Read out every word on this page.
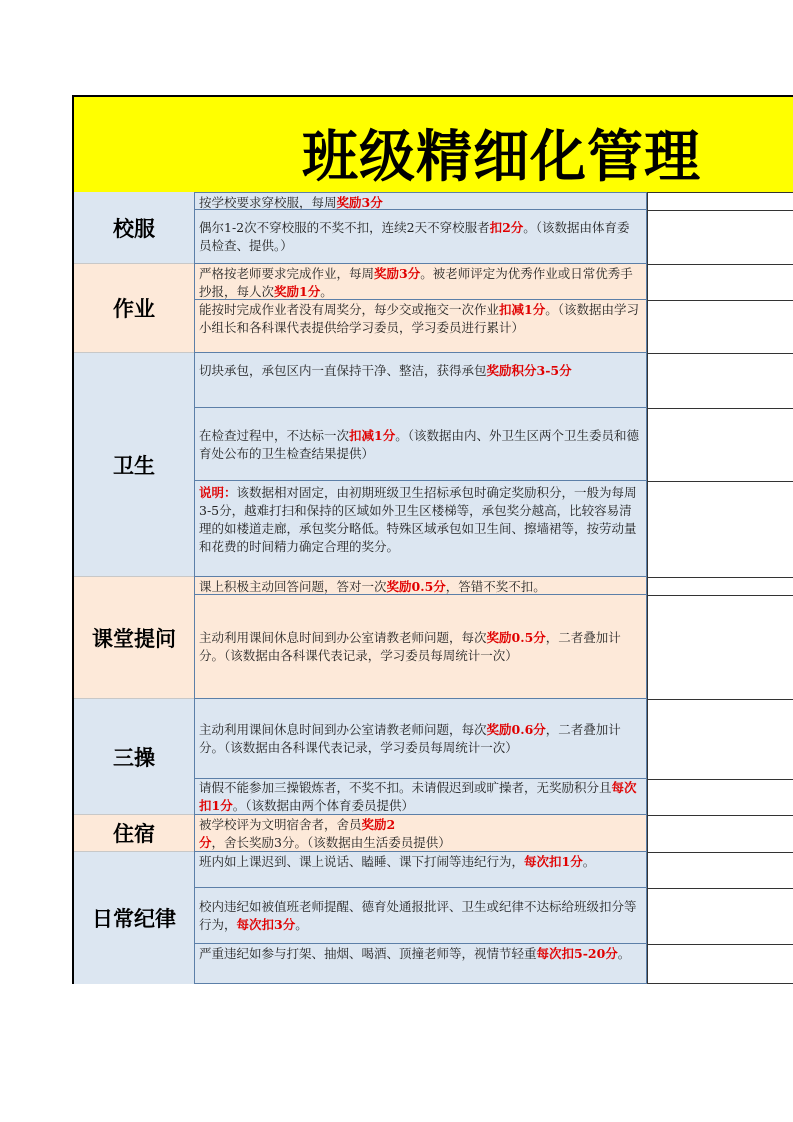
班级精细化管理
校服
作业
卫生
课堂提问
三操
住宿
日常纪律
按学校要求穿校服，每周奖励3分
偶尔1-2次不穿校服的不奖不扣，连续2天不穿校服者扣2分。（该数据由体育委员检查、提供。）
严格按老师要求完成作业，每周奖励3分。被老师评定为优秀作业或日常优秀手抄报，每人次奖励1分。
能按时完成作业者没有周奖分，每少交或拖交一次作业扣减1分。（该数据由学习小组长和各科课代表提供给学习委员，学习委员进行累计）
切块承包，承包区内一直保持干净、整洁，获得承包奖励积分3-5分
在检查过程中，不达标一次扣减1分。（该数据由内、外卫生区两个卫生委员和德育处公布的卫生检查结果提供）
说明：该数据相对固定，由初期班级卫生招标承包时确定奖励积分，一般为每周3-5分，越难打扫和保持的区域如外卫生区楼梯等，承包奖分越高，比较容易清理的如楼道走廊，承包奖分略低。特殊区域承包如卫生间、擦墙裙等，按劳动量和花费的时间精力确定合理的奖分。
课上积极主动回答问题，答对一次奖励0.5分，答错不奖不扣。
主动利用课间休息时间到办公室请教老师问题，每次奖励0.5分，二者叠加计分。（该数据由各科课代表记录，学习委员每周统计一次）
主动利用课间休息时间到办公室请教老师问题，每次奖励0.6分，二者叠加计分。（该数据由各科课代表记录，学习委员每周统计一次）
请假不能参加三操锻炼者，不奖不扣。未请假迟到或旷操者，无奖励积分且每次扣1分。（该数据由两个体育委员提供）
被学校评为文明宿舍者，舍员奖励2分，舍长奖励3分。（该数据由生活委员提供）
班内如上课迟到、课上说话、瞌睡、课下打闹等违纪行为，每次扣1分。
校内违纪如被值班老师提醒、德育处通报批评、卫生或纪律不达标给班级扣分等行为，每次扣3分。
严重违纪如参与打架、抽烟、喝酒、顶撞老师等，视情节轻重每次扣5-20分。
